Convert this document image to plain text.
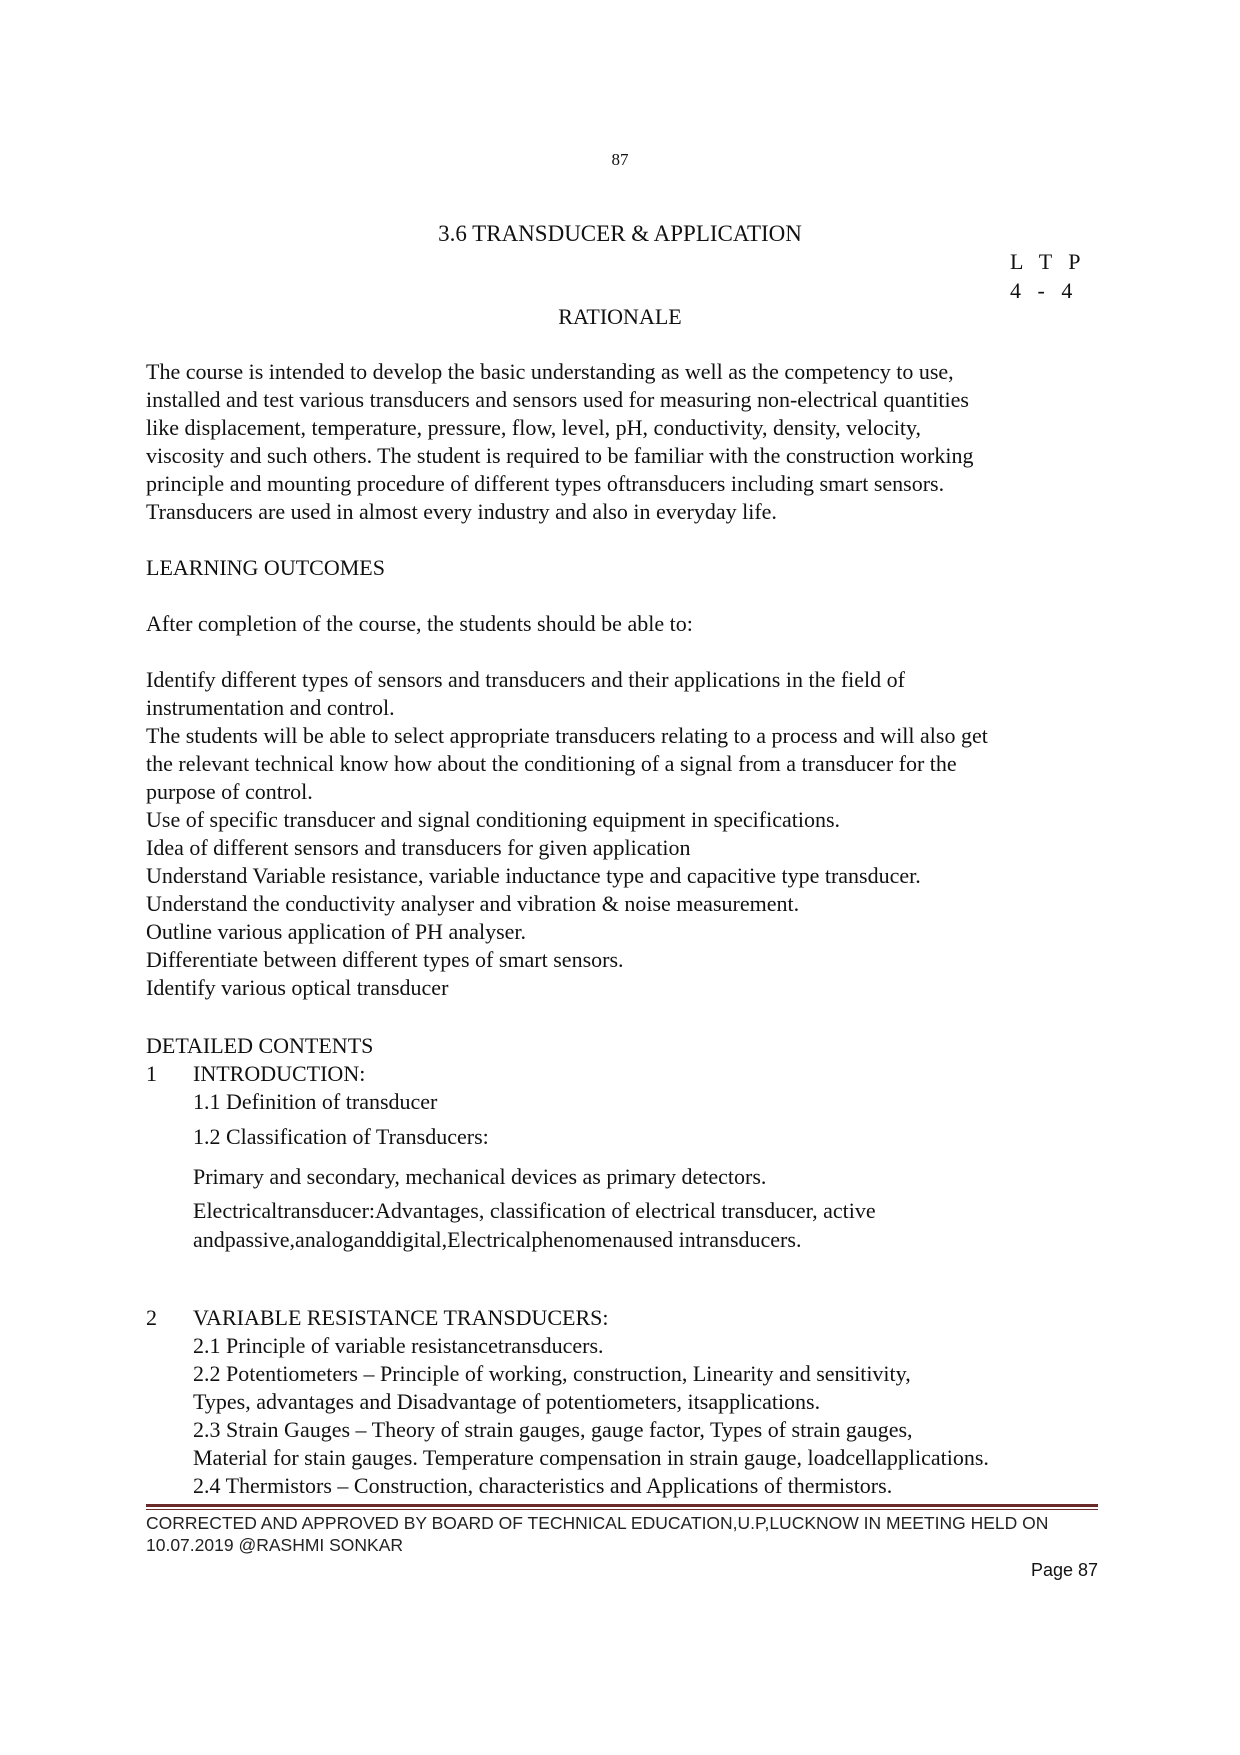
87
3.6 TRANSDUCER & APPLICATION
L   T   P
4   -   4
RATIONALE
The course is intended to develop the basic understanding as well as the competency to use,
installed and test various transducers and sensors used for measuring non-electrical quantities
like displacement, temperature, pressure, flow, level, pH, conductivity, density, velocity,
viscosity and such others. The student is required to be familiar with the construction working
principle and mounting procedure of different types oftransducers including smart sensors.
Transducers are used in almost every industry and also in everyday life.
LEARNING OUTCOMES
After completion of the course, the students should be able to:
Identify different types of sensors and transducers and their applications in the field of
instrumentation and control.
The students will be able to select appropriate transducers relating to a process and will also get
the relevant technical know how about the conditioning of a signal from a transducer for the
purpose of control.
Use of specific transducer and signal conditioning equipment in specifications.
Idea of different sensors and transducers for given application
Understand Variable resistance, variable inductance type and capacitive type transducer.
Understand the conductivity analyser and vibration & noise measurement.
Outline various application of PH analyser.
Differentiate between different types of smart sensors.
Identify various optical transducer
DETAILED CONTENTS
1 INTRODUCTION:
1.1 Definition of transducer
1.2 Classification of Transducers:
Primary and secondary, mechanical devices as primary detectors.
Electricaltransducer:Advantages, classification of electrical transducer, active
andpassive,analoganddigital,Electricalphenomenaused intransducers.
2 VARIABLE RESISTANCE TRANSDUCERS:
2.1 Principle of variable resistancetransducers.
2.2 Potentiometers – Principle of working, construction, Linearity and sensitivity,
Types, advantages and Disadvantage of potentiometers, itsapplications.
2.3 Strain Gauges – Theory of strain gauges, gauge factor, Types of strain gauges,
Material for stain gauges. Temperature compensation in strain gauge, loadcellapplications.
2.4 Thermistors – Construction, characteristics and Applications of thermistors.
CORRECTED AND APPROVED BY BOARD OF TECHNICAL EDUCATION,U.P,LUCKNOW IN MEETING HELD ON
10.07.2019 @RASHMI SONKAR
Page 87
